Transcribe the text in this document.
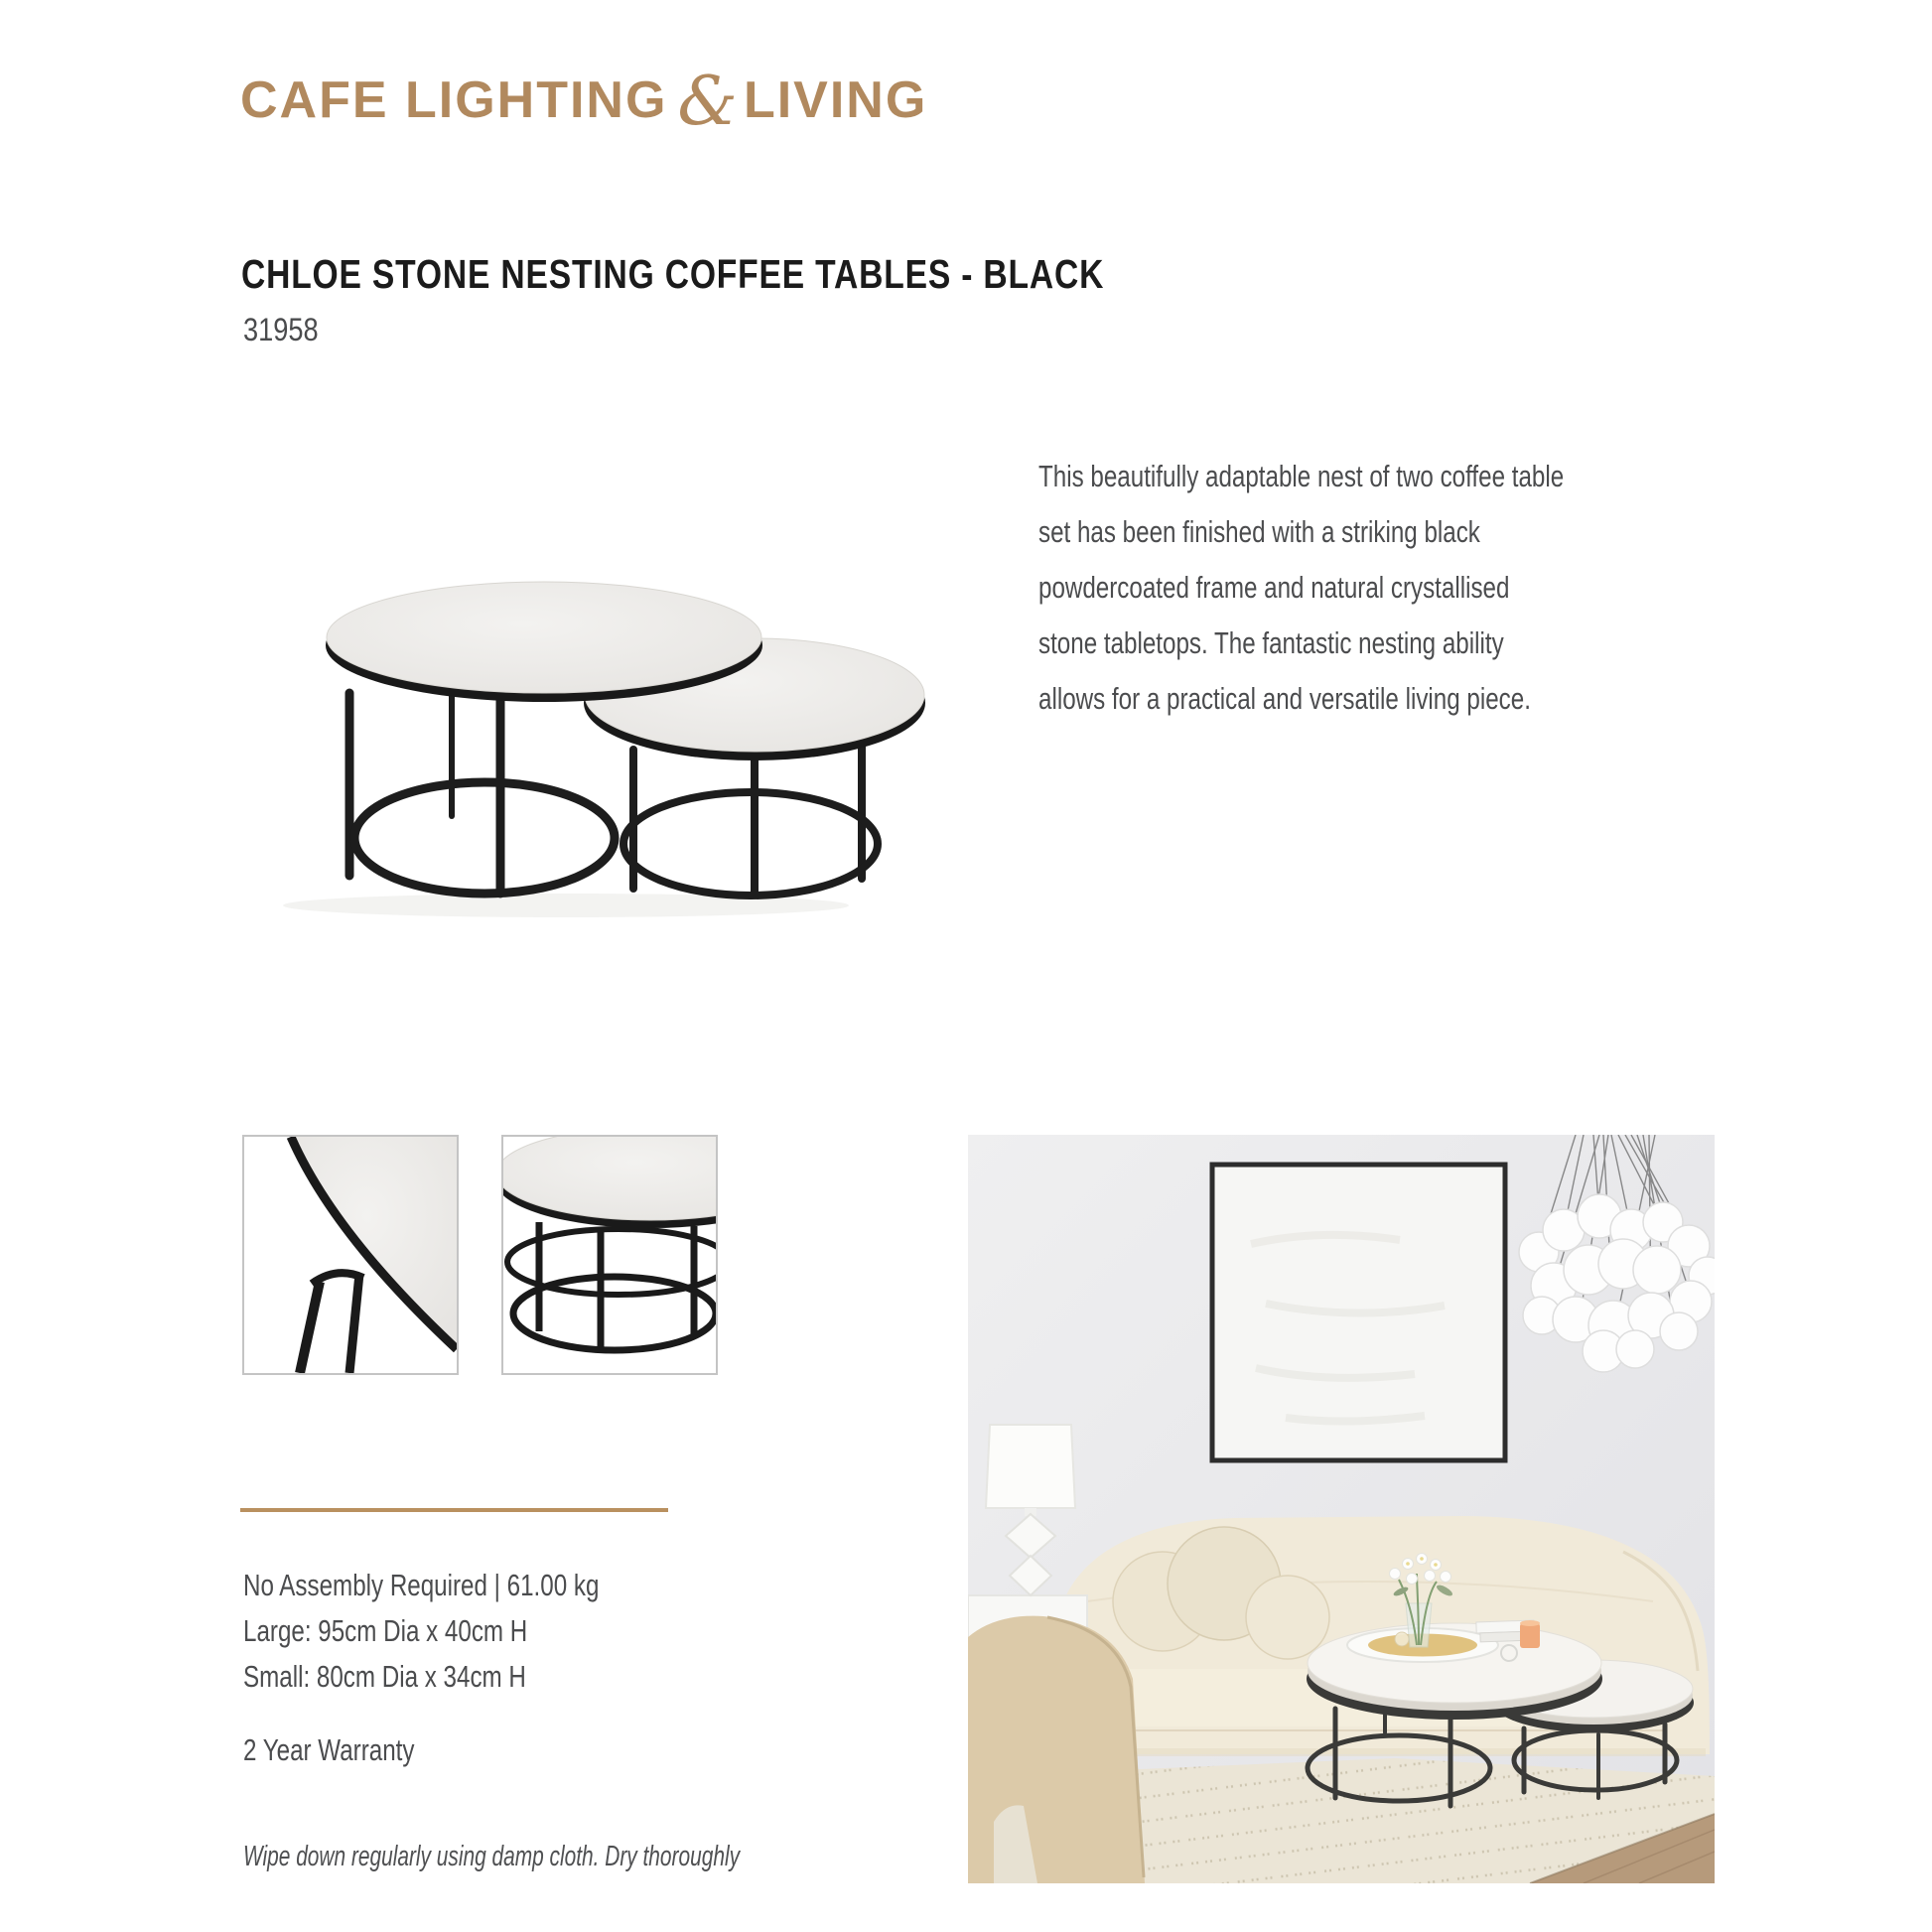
CAFE LIGHTING & LIVING
CHLOE STONE NESTING COFFEE TABLES - BLACK
31958
This beautifully adaptable nest of two coffee table
set has been finished with a striking black
powdercoated frame and natural crystallised
stone tabletops. The fantastic nesting ability
allows for a practical and versatile living piece.
No Assembly Required | 61.00 kg
Large: 95cm Dia x 40cm H
Small: 80cm Dia x 34cm H
2 Year Warranty
Wipe down regularly using damp cloth. Dry thoroughly
